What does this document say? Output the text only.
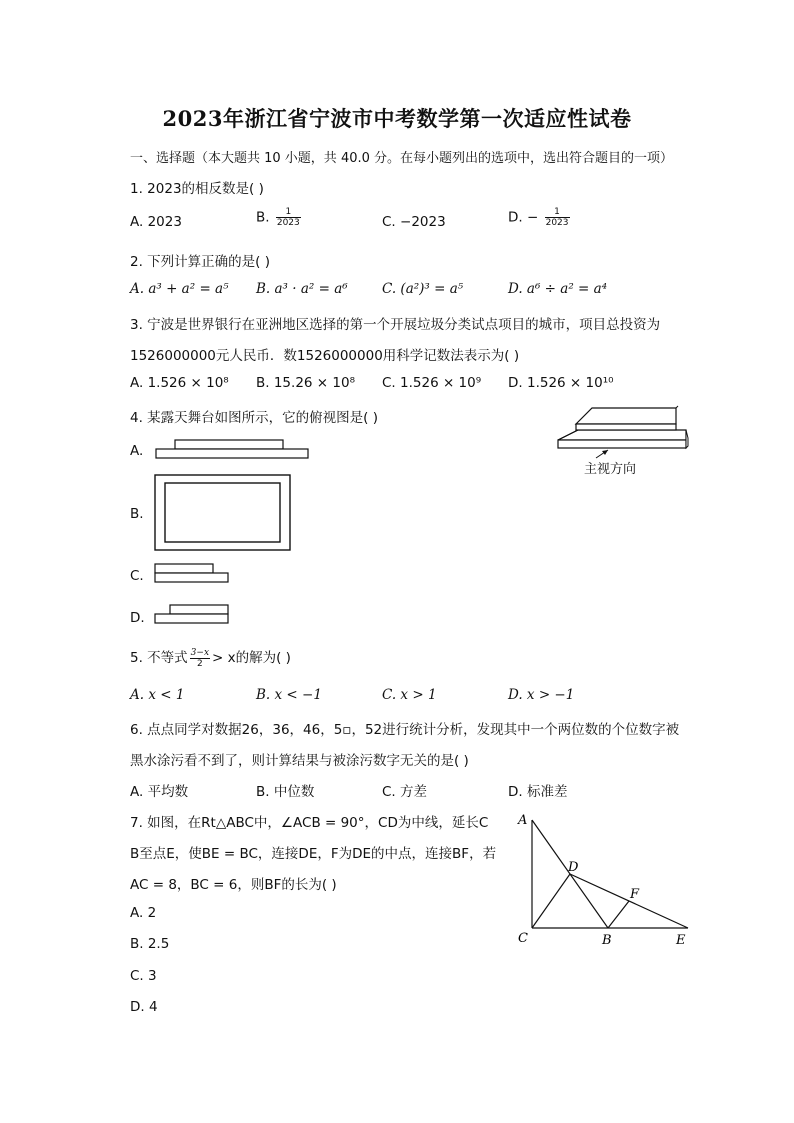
2023年浙江省宁波市中考数学第一次适应性试卷
一、选择题（本大题共 10 小题，共 40.0 分。在每小题列出的选项中，选出符合题目的一项）
1. 2023的相反数是( )
A. 2023	B. $\frac{1}{2023}$	C. −2023	D. − $\frac{1}{2023}$
2. 下列计算正确的是( )
A. a³ + a² = a⁵ B. a³ · a² = a⁶	C. (a²)³ = a⁵	D. a⁶ ÷ a² = a⁴
3. 宁波是世界银行在亚洲地区选择的第一个开展垃圾分类试点项目的城市，项目总投资为
1526000000元人民币．数1526000000用科学记数法表示为( )
A. 1.526 × 10⁸ B. 15.26 × 10⁸ C. 1.526 × 10⁹ D. 1.526 × 10¹⁰
4. 某露天舞台如图所示，它的俯视图是( )
主视方向
A.
B.
C.
D.
5. 不等式 $\frac{3-x}{2} > x$的解为( )
A. x < 1	B. x < −1	C. x > 1	D. x > −1
6. 点点同学对数据26，36，46，5▫，52进行统计分析，发现其中一个两位数的个位数字被
黑水涂污看不到了，则计算结果与被涂污数字无关的是( )
A. 平均数	B. 中位数	C. 方差	D. 标准差
7. 如图，在Rt△ABC中，∠ACB = 90°，CD为中线，延长C
B至点E，使BE = BC，连接DE，F为DE的中点，连接BF，若
AC = 8，BC = 6，则BF的长为( )
A. 2
B. 2.5
C. 3
D. 4
A
D
F
C	B	E
